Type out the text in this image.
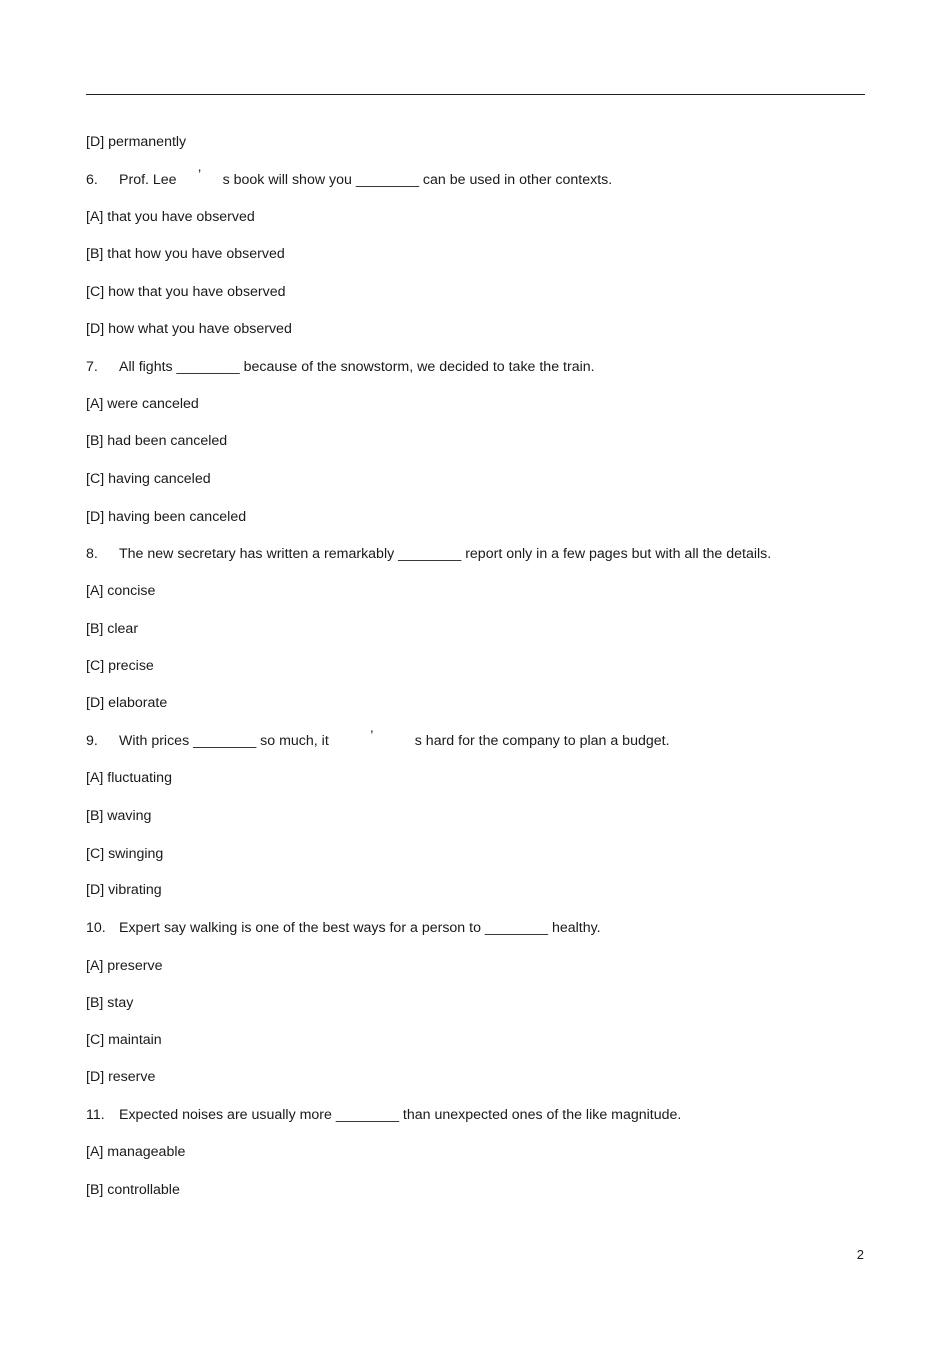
[D] permanently
6. Prof. Lee ’ s book will show you ________ can be used in other contexts.
[A] that you have observed
[B] that how you have observed
[C] how that you have observed
[D] how what you have observed
7. All fights ________ because of the snowstorm, we decided to take the train.
[A] were canceled
[B] had been canceled
[C] having canceled
[D] having been canceled
8. The new secretary has written a remarkably ________ report only in a few pages but with all the details.
[A] concise
[B] clear
[C] precise
[D] elaborate
9. With prices ________ so much, it	’	s hard for the company to plan a budget.
[A] fluctuating
[B] waving
[C] swinging
[D] vibrating
10. Expert say walking is one of the best ways for a person to ________ healthy.
[A] preserve
[B] stay
[C] maintain
[D] reserve
11. Expected noises are usually more ________ than unexpected ones of the like magnitude.
[A] manageable
[B] controllable
2
